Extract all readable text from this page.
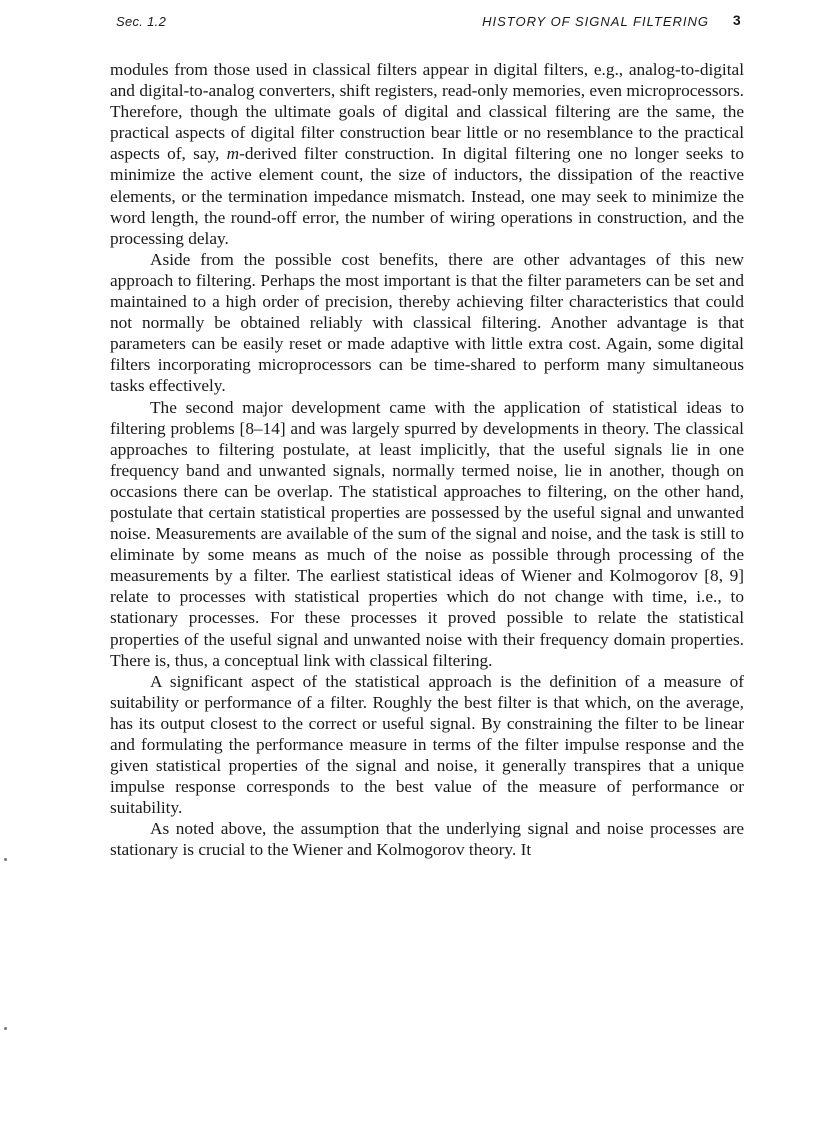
Sec. 1.2	HISTORY OF SIGNAL FILTERING 3

modules from those used in classical filters appear in digital filters, e.g., analog-to-digital and digital-to-analog converters, shift registers, read-only memories, even microprocessors. Therefore, though the ultimate goals of digital and classical filtering are the same, the practical aspects of digital filter construction bear little or no resemblance to the practical aspects of, say, m-derived filter construction. In digital filtering one no longer seeks to minimize the active element count, the size of inductors, the dissipation of the reactive elements, or the termination impedance mismatch. Instead, one may seek to minimize the word length, the round-off error, the number of wiring operations in construction, and the processing delay.

Aside from the possible cost benefits, there are other advantages of this new approach to filtering. Perhaps the most important is that the filter parameters can be set and maintained to a high order of precision, thereby achieving filter characteristics that could not normally be obtained reliably with classical filtering. Another advantage is that parameters can be easily reset or made adaptive with little extra cost. Again, some digital filters incorporating microprocessors can be time-shared to perform many simultaneous tasks effectively.

The second major development came with the application of statistical ideas to filtering problems [8–14] and was largely spurred by developments in theory. The classical approaches to filtering postulate, at least implicitly, that the useful signals lie in one frequency band and unwanted signals, normally termed noise, lie in another, though on occasions there can be overlap. The statistical approaches to filtering, on the other hand, postulate that certain statistical properties are possessed by the useful signal and unwanted noise. Measurements are available of the sum of the signal and noise, and the task is still to eliminate by some means as much of the noise as possible through processing of the measurements by a filter. The earliest statistical ideas of Wiener and Kolmogorov [8, 9] relate to processes with statistical properties which do not change with time, i.e., to stationary processes. For these processes it proved possible to relate the statistical properties of the useful signal and unwanted noise with their frequency domain properties. There is, thus, a conceptual link with classical filtering.

A significant aspect of the statistical approach is the definition of a measure of suitability or performance of a filter. Roughly the best filter is that which, on the average, has its output closest to the correct or useful signal. By constraining the filter to be linear and formulating the performance measure in terms of the filter impulse response and the given statistical properties of the signal and noise, it generally transpires that a unique impulse response corresponds to the best value of the measure of performance or suitability.

As noted above, the assumption that the underlying signal and noise processes are stationary is crucial to the Wiener and Kolmogorov theory. It
